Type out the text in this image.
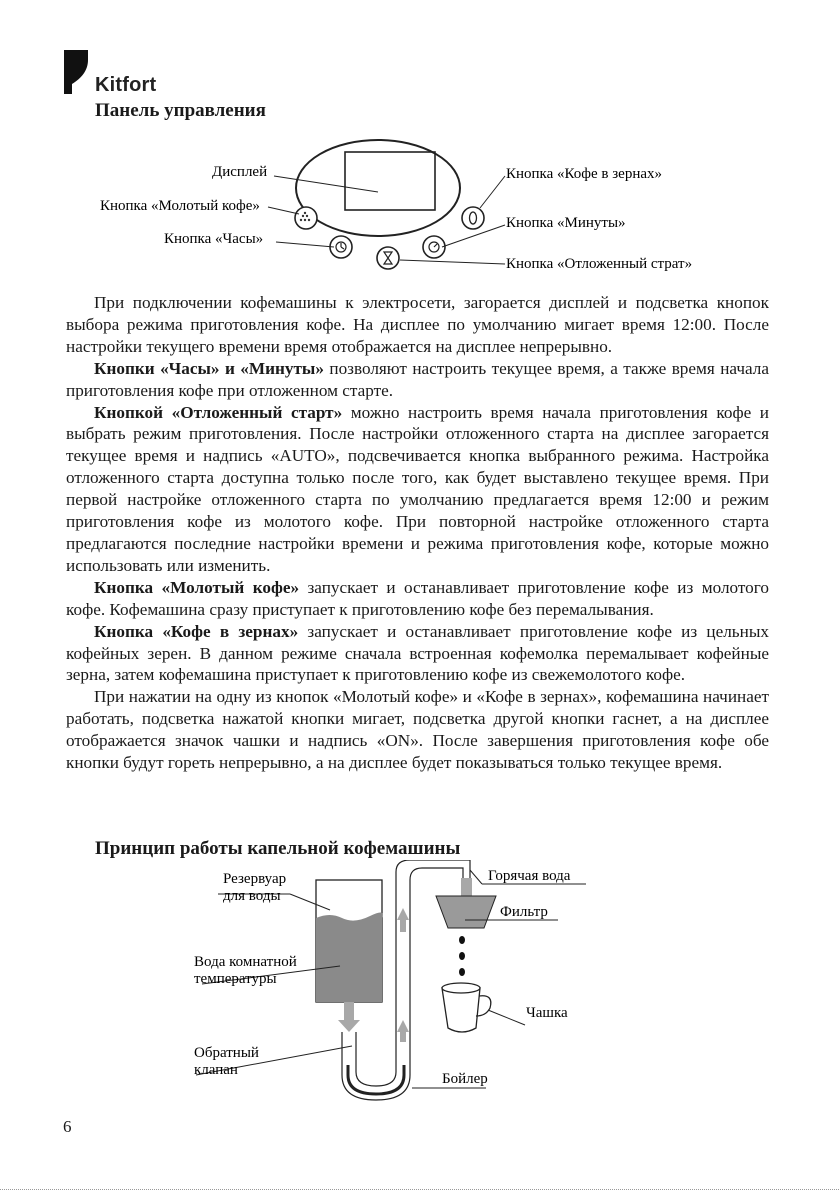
Kitfort
Панель управления
Дисплей
Кнопка «Молотый кофе»
Кнопка «Часы»
Кнопка «Кофе в зернах»
Кнопка «Минуты»
Кнопка «Отложенный страт»

При подключении кофемашины к электросети, загорается дисплей и подсветка кнопок выбора режима приготовления кофе. На дисплее по умолчанию мигает время 12:00. После настройки текущего времени время отображается на дисплее непрерывно.

Кнопки «Часы» и «Минуты» позволяют настроить текущее время, а также время начала приготовления кофе при отложенном старте.

Кнопкой «Отложенный старт» можно настроить время начала приготовления кофе и выбрать режим приготовления. После настройки отложенного старта на дисплее загорается текущее время и надпись «AUTO», подсвечивается кнопка выбранного режима. Настройка отложенного старта доступна только после того, как будет выставлено текущее время. При первой настройке отложенного старта по умолчанию предлагается время 12:00 и режим приготовления кофе из молотого кофе. При повторной настройке отложенного старта предлагаются последние настройки времени и режима приготовления кофе, которые можно использовать или изменить.

Кнопка «Молотый кофе» запускает и останавливает приготовление кофе из молотого кофе. Кофемашина сразу приступает к приготовлению кофе без перемалывания.

Кнопка «Кофе в зернах» запускает и останавливает приготовление кофе из цельных кофейных зерен. В данном режиме сначала встроенная кофемолка перемалывает кофейные зерна, затем кофемашина приступает к приготовлению кофе из свежемолотого кофе.

При нажатии на одну из кнопок «Молотый кофе» и «Кофе в зернах», кофемашина начинает работать, подсветка нажатой кнопки мигает, подсветка другой кнопки гаснет, а на дисплее отображается значок чашки и надпись «ON». После завершения приготовления кофе обе кнопки будут гореть непрерывно, а на дисплее будет показываться только текущее время.

Принцип работы капельной кофемашины
Резервуар
для воды
Вода комнатной
температуры
Обратный
клапан
Горячая вода
Фильтр
Чашка
Бойлер
6
